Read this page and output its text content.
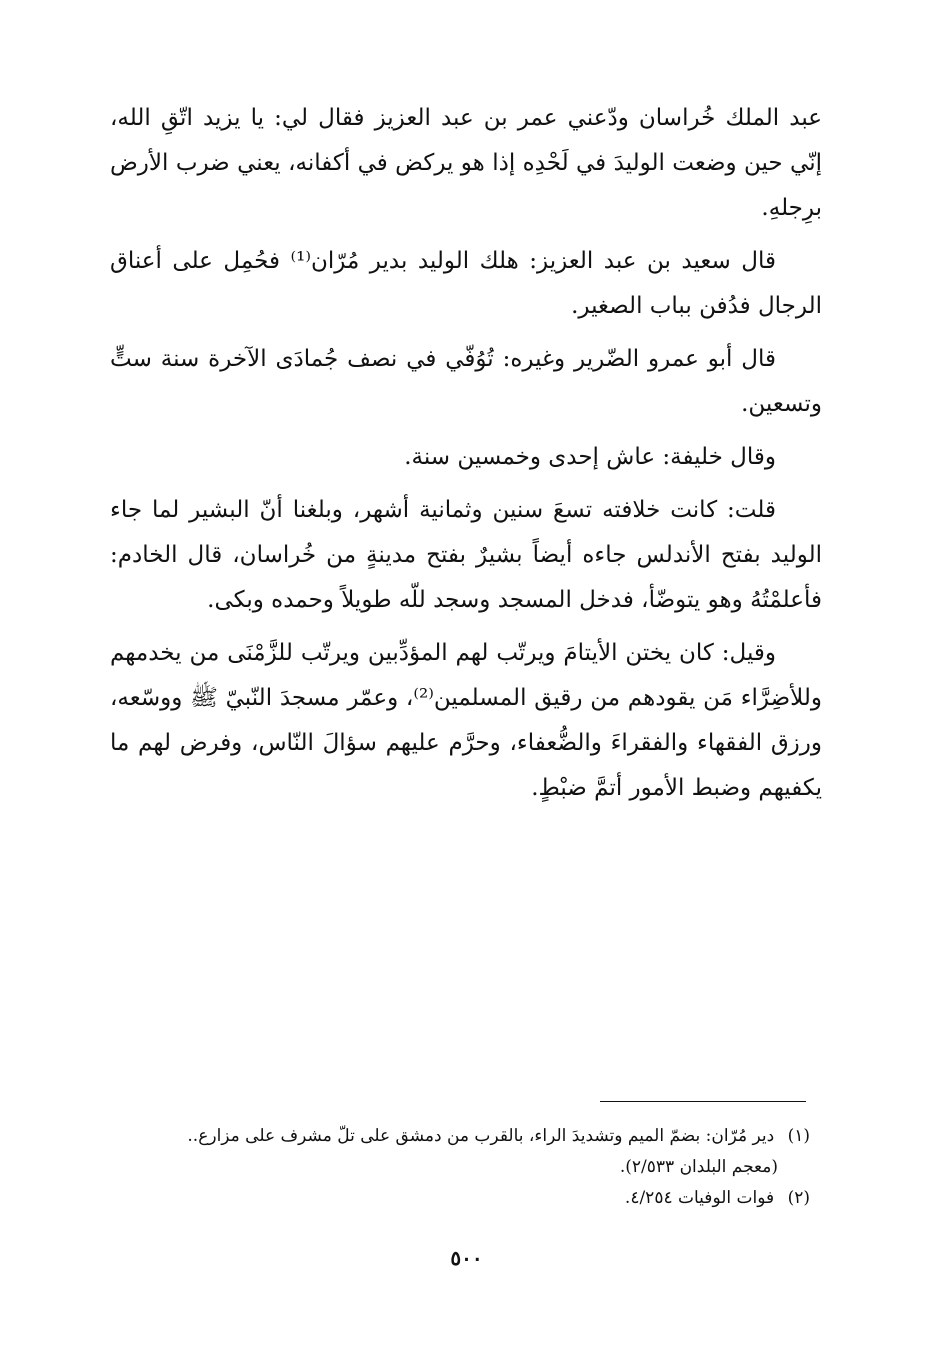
عبد الملك خُراسان ودّعني عمر بن عبد العزيز فقال لي: يا يزيد اتّقِ الله، إنّي حين وضعت الوليدَ في لَحْدِه إذا هو يركض في أكفانه، يعني ضرب الأرض برِجلهِ.

قال سعيد بن عبد العزيز: هلك الوليد بدير مُرّان⁽¹⁾ فحُمِل على أعناق الرجال فدُفن بباب الصغير.

قال أبو عمرو الضّرير وغيره: تُوُفّي في نصف جُمادَى الآخرة سنة ستٍّ وتسعين.

وقال خليفة: عاش إحدى وخمسين سنة.

قلت: كانت خلافته تسعَ سنين وثمانية أشهر، وبلغنا أنّ البشير لما جاء الوليد بفتح الأندلس جاءه أيضاً بشيرٌ بفتح مدينةٍ من خُراسان، قال الخادم: فأعلمْتُهُ وهو يتوضّأ، فدخل المسجد وسجد للّه طويلاً وحمده وبكى.

وقيل: كان يختن الأيتامَ ويرتّب لهم المؤدِّبين ويرتّب للزَّمْنَى من يخدمهم وللأضِرَّاء مَن يقودهم من رقيق المسلمين⁽²⁾، وعمّر مسجدَ النّبيّ ﷺ ووسّعه، ورزق الفقهاء والفقراءَ والضُّعفاء، وحرَّم عليهم سؤالَ النّاس، وفرض لهم ما يكفيهم وضبط الأمور أتمَّ ضبْطٍ.

(١) دير مُرّان: بضمّ الميم وتشديدَ الراء، بالقرب من دمشق على تلّ مشرف على مزارع..

(معجم البلدان ٢/٥٣٣).

(٢) فوات الوفيات ٤/٢٥٤.

٥٠٠
